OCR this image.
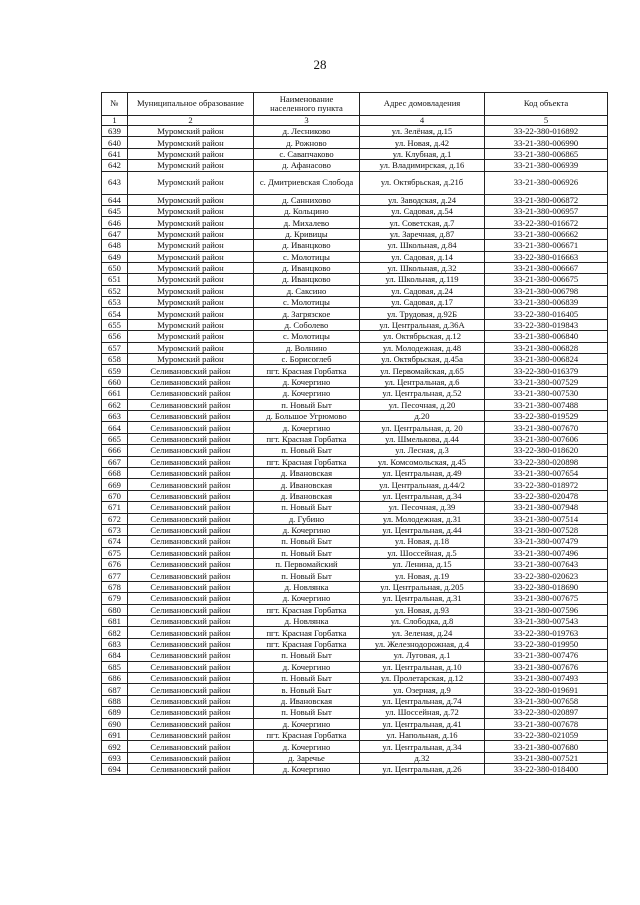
28
№	Муниципальное образование	Наименование населенного пункта	Адрес домовладения	Код объекта
1	2	3	4	5
639	Муромский район	д. Лесниково	ул. Зелёная, д.15	33-22-380-016892
640	Муромский район	д. Рожново	ул. Новая, д.42	33-21-380-006990
641	Муромский район	с. Савапчаково	ул. Клубная, д.1	33-21-380-006865
642	Муромский район	д. Афанасово	ул. Владимирская, д.16	33-21-380-006939
643	Муромский район	с. Дмитриевская Слобода	ул. Октябрьская, д.21б	33-21-380-006926
644	Муромский район	д. Саннихово	ул. Заводская, д.24	33-21-380-006872
645	Муромский район	д. Кольцино	ул. Садовая, д.54	33-21-380-006957
646	Муромский район	д. Михалево	ул. Советская, д.7	33-22-380-016672
647	Муромский район	д. Кривицы	ул. Заречная, д.87	33-21-380-006662
648	Муромский район	д. Иванцково	ул. Школьная, д.84	33-21-380-006671
649	Муромский район	с. Молотицы	ул. Садовая, д.14	33-22-380-016663
650	Муромский район	д. Иванцково	ул. Школьная, д.32	33-21-380-006667
651	Муромский район	д. Иванцково	ул. Школьная, д.119	33-21-380-006675
652	Муромский район	д. Саксино	ул. Садовая, д.24	33-21-380-006798
653	Муромский район	с. Молотицы	ул. Садовая, д.17	33-21-380-006839
654	Муромский район	д. Загрязское	ул. Трудовая, д.92Б	33-22-380-016405
655	Муромский район	д. Соболево	ул. Центральная, д.36А	33-22-380-019843
656	Муромский район	с. Молотицы	ул. Октябрьская, д.12	33-21-380-006840
657	Муромский район	д. Волнино	ул. Молодежная, д.48	33-21-380-006828
658	Муромский район	с. Борисоглеб	ул. Октябрьская, д.45а	33-21-380-006824
659	Селивановский район	пгт. Красная Горбатка	ул. Первомайская, д.65	33-22-380-016379
660	Селивановский район	д. Кочергино	ул. Центральная, д.6	33-21-380-007529
661	Селивановский район	д. Кочергино	ул. Центральная, д.52	33-21-380-007530
662	Селивановский район	п. Новый Быт	ул. Песочная, д.20	33-21-380-007488
663	Селивановский район	д. Большое Угрюмово	д.20	33-22-380-019529
664	Селивановский район	д. Кочергино	ул. Центральная, д. 20	33-21-380-007670
665	Селивановский район	пгт. Красная Горбатка	ул. Шмелькова, д.44	33-21-380-007606
666	Селивановский район	п. Новый Быт	ул. Лесная, д.3	33-22-380-018620
667	Селивановский район	пгт. Красная Горбатка	ул. Комсомольская, д.45	33-22-380-020898
668	Селивановский район	д. Ивановская	ул. Центральная, д.49	33-21-380-007654
669	Селивановский район	д. Ивановская	ул. Центральная, д.44/2	33-22-380-018972
670	Селивановский район	д. Ивановская	ул. Центральная, д.34	33-22-380-020478
671	Селивановский район	п. Новый Быт	ул. Песочная, д.39	33-21-380-007948
672	Селивановский район	д. Губино	ул. Молодежная, д.31	33-21-380-007514
673	Селивановский район	д. Кочергино	ул. Центральная, д.44	33-21-380-007528
674	Селивановский район	п. Новый Быт	ул. Новая, д.18	33-21-380-007479
675	Селивановский район	п. Новый Быт	ул. Шоссейная, д.5	33-21-380-007496
676	Селивановский район	п. Первомайский	ул. Ленина, д.15	33-21-380-007643
677	Селивановский район	п. Новый Быт	ул. Новая, д.19	33-22-380-020623
678	Селивановский район	д. Новлянка	ул. Центральная, д.205	33-22-380-018690
679	Селивановский район	д. Кочергино	ул. Центральная, д.31	33-21-380-007675
680	Селивановский район	пгт. Красная Горбатка	ул. Новая, д.93	33-21-380-007596
681	Селивановский район	д. Новлянка	ул. Слободка, д.8	33-21-380-007543
682	Селивановский район	пгт. Красная Горбатка	ул. Зеленая, д.24	33-22-380-019763
683	Селивановский район	пгт. Красная Горбатка	ул. Железнодорожная, д.4	33-22-380-019950
684	Селивановский район	п. Новый Быт	ул. Луговая, д.1	33-21-380-007476
685	Селивановский район	д. Кочергино	ул. Центральная, д.10	33-21-380-007676
686	Селивановский район	п. Новый Быт	ул. Пролетарская, д.12	33-21-380-007493
687	Селивановский район	в. Новый Быт	ул. Озерная, д.9	33-22-380-019691
688	Селивановский район	д. Ивановская	ул. Центральная, д.74	33-21-380-007658
689	Селивановский район	п. Новый Быт	ул. Шоссейная, д.72	33-22-380-020897
690	Селивановский район	д. Кочергино	ул. Центральная, д.41	33-21-380-007678
691	Селивановский район	пгт. Красная Горбатка	ул. Напольная, д.16	33-22-380-021059
692	Селивановский район	д. Кочергино	ул. Центральная, д.34	33-21-380-007680
693	Селивановский район	д. Заречье	д.32	33-21-380-007521
694	Селивановский район	д. Кочергино	ул. Центральная, д.26	33-22-380-018400
